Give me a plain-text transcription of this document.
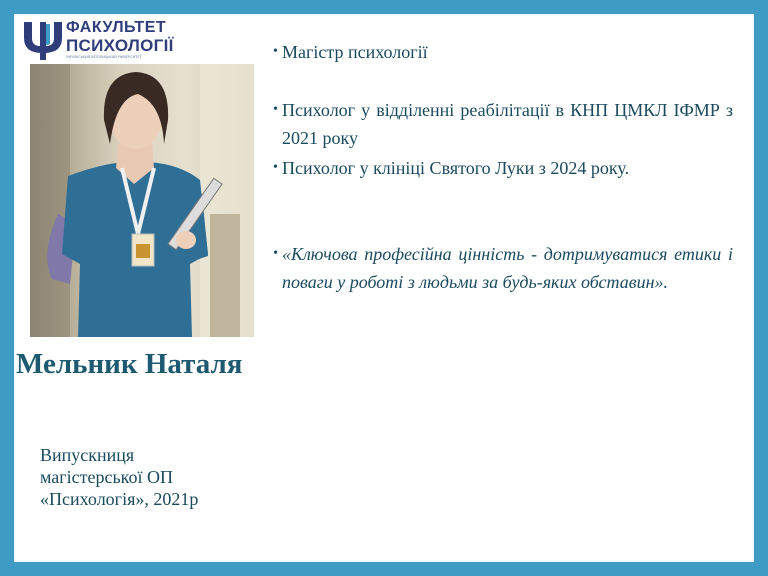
ФАКУЛЬТЕТ
ПСИХОЛОГІЇ
УКРАЇНСЬКИЙ КАТОЛИЦЬКИЙ УНІВЕРСИТЕТ
Мельник Наталя
Випускниця
магістерської ОП
«Психологія», 2021р
• Магістр психології
• Психолог у відділенні реабілітації в КНП ЦМКЛ ІФМР з 2021 року
• Психолог у клініці Святого Луки з 2024 року.
• «Ключова професійна цінність - дотримуватися етики і поваги у роботі з людьми за будь-яких обставин».
